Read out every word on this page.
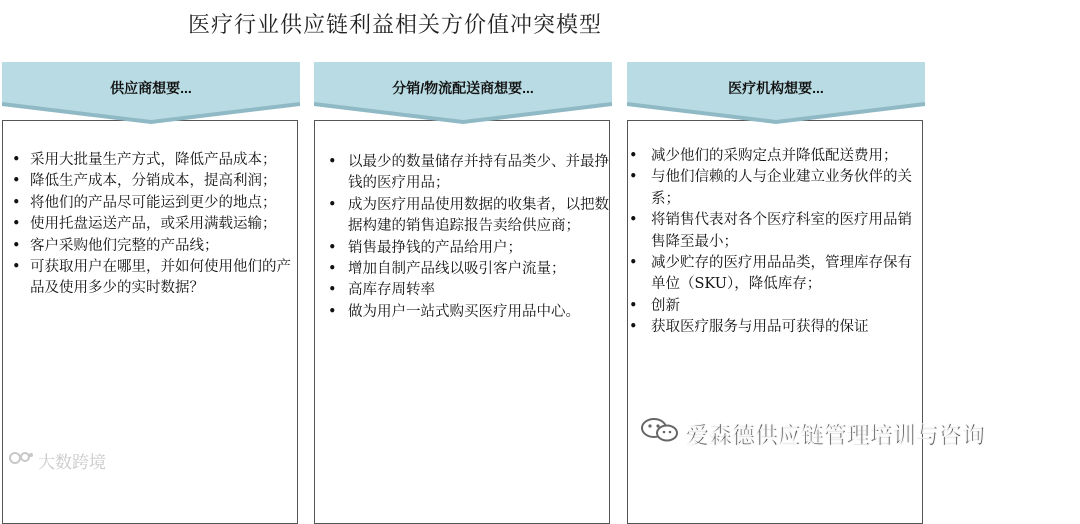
医疗行业供应链利益相关方价值冲突模型
供应商想要...
• 采用大批量生产方式，降低产品成本；
• 降低生产成本，分销成本，提高利润；
• 将他们的产品尽可能运到更少的地点；
• 使用托盘运送产品，或采用满载运输；
• 客户采购他们完整的产品线；
• 可获取用户在哪里，并如何使用他们的产品及使用多少的实时数据？
分销/物流配送商想要...
• 以最少的数量储存并持有品类少、并最挣钱的医疗用品；
• 成为医疗用品使用数据的收集者，以把数据构建的销售追踪报告卖给供应商；
• 销售最挣钱的产品给用户；
• 增加自制产品线以吸引客户流量；
• 高库存周转率
• 做为用户一站式购买医疗用品中心。
医疗机构想要...
• 减少他们的采购定点并降低配送费用；
• 与他们信赖的人与企业建立业务伙伴的关系；
• 将销售代表对各个医疗科室的医疗用品销售降至最小；
• 减少贮存的医疗用品品类，管理库存保有单位（SKU），降低库存；
• 创新
• 获取医疗服务与用品可获得的保证
大数跨境
爱森德供应链管理培训与咨询
